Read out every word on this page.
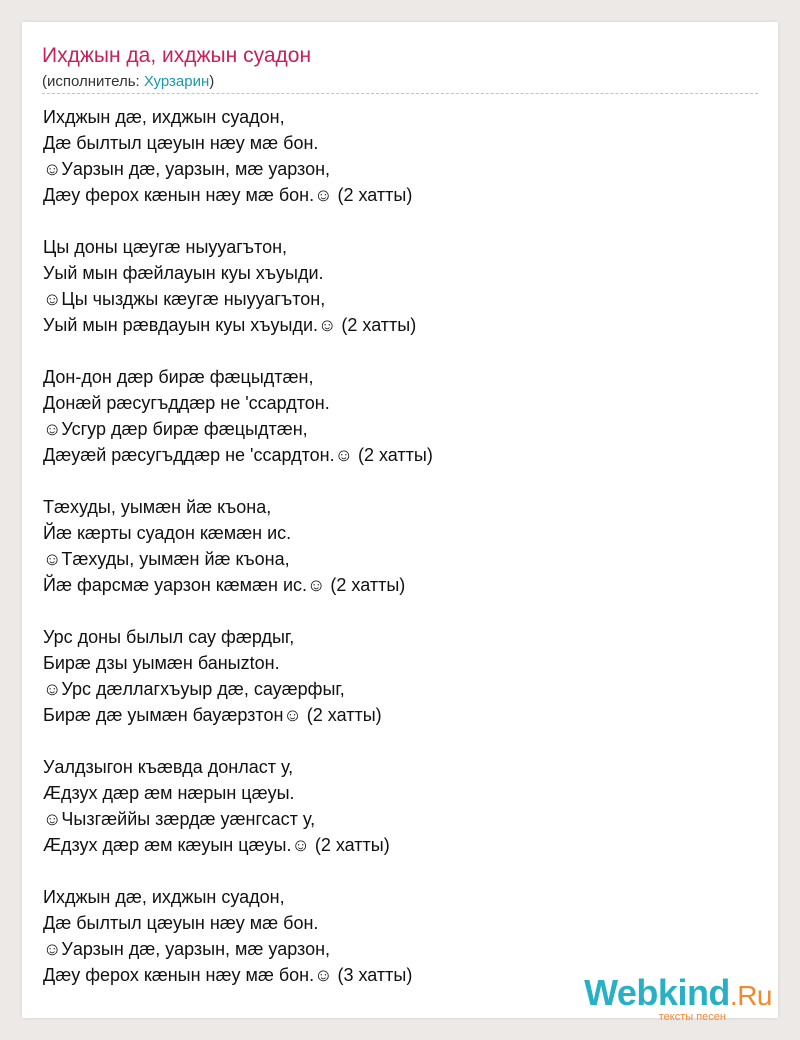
Ихджын да, ихджын суадон
(исполнитель: Хурзарин)
Ихджын дæ, ихджын суадон,
Дæ былтыл цæуын нæу мæ бон.
☺Уарзын дæ, уарзын, мæ уарзон,
Дæу ферох кæнын нæу мæ бон.☺ (2 хатты)
Цы доны цæугæ ныууагътон,
Уый мын фæйлауын куы хъуыди.
☺Цы чызджы кæугæ ныууагътон,
Уый мын рæвдауын куы хъуыди.☺ (2 хатты)
Дон-дон дæр бирæ фæцыдтæн,
Донæй рæсугъддæр не 'ссардтон.
☺Усгур дæр бирæ фæцыдтæн,
Дæуæй рæсугъддæр не 'ссардтон.☺ (2 хатты)
Тæхуды, уымæн йæ къона,
Йæ кæрты суадон кæмæн ис.
☺Тæхуды, уымæн йæ къона,
Йæ фарсмæ уарзон кæмæн ис.☺ (2 хатты)
Урс доны былыл сау фæрдыг,
Бирæ дзы уымæн баныztон.
☺Урс дæллагхъуыр дæ, сауæрфыг,
Бирæ дæ уымæн бауæрзтон☺ (2 хатты)
Уалдзыгон къæвда донласт у,
Æдзух дæр æм нæрын цæуы.
☺Чызгæййы зæрдæ уæнгсаст у,
Æдзух дæр æм кæуын цæуы.☺ (2 хатты)
Ихджын дæ, ихджын суадон,
Дæ былтыл цæуын нæу мæ бон.
☺Уарзын дæ, уарзын, мæ уарзон,
Дæу ферох кæнын нæу мæ бон.☺ (3 хатты)	Webkind.Ru
тексты песен
